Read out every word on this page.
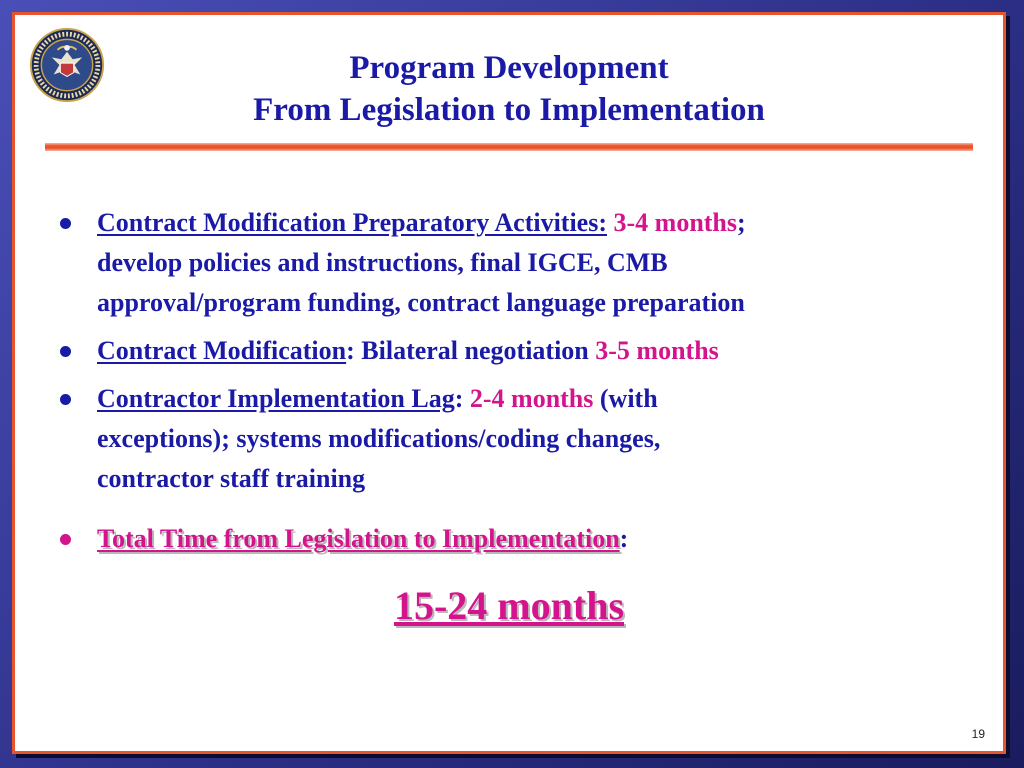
Program Development
From Legislation to Implementation
Contract Modification Preparatory Activities: 3-4 months;
develop policies and instructions, final IGCE, CMB
approval/program funding, contract language preparation
Contract Modification: Bilateral negotiation 3-5 months
Contractor Implementation Lag: 2-4 months (with
exceptions); systems modifications/coding changes,
contractor staff training
Total Time from Legislation to Implementation:
15-24 months
19
